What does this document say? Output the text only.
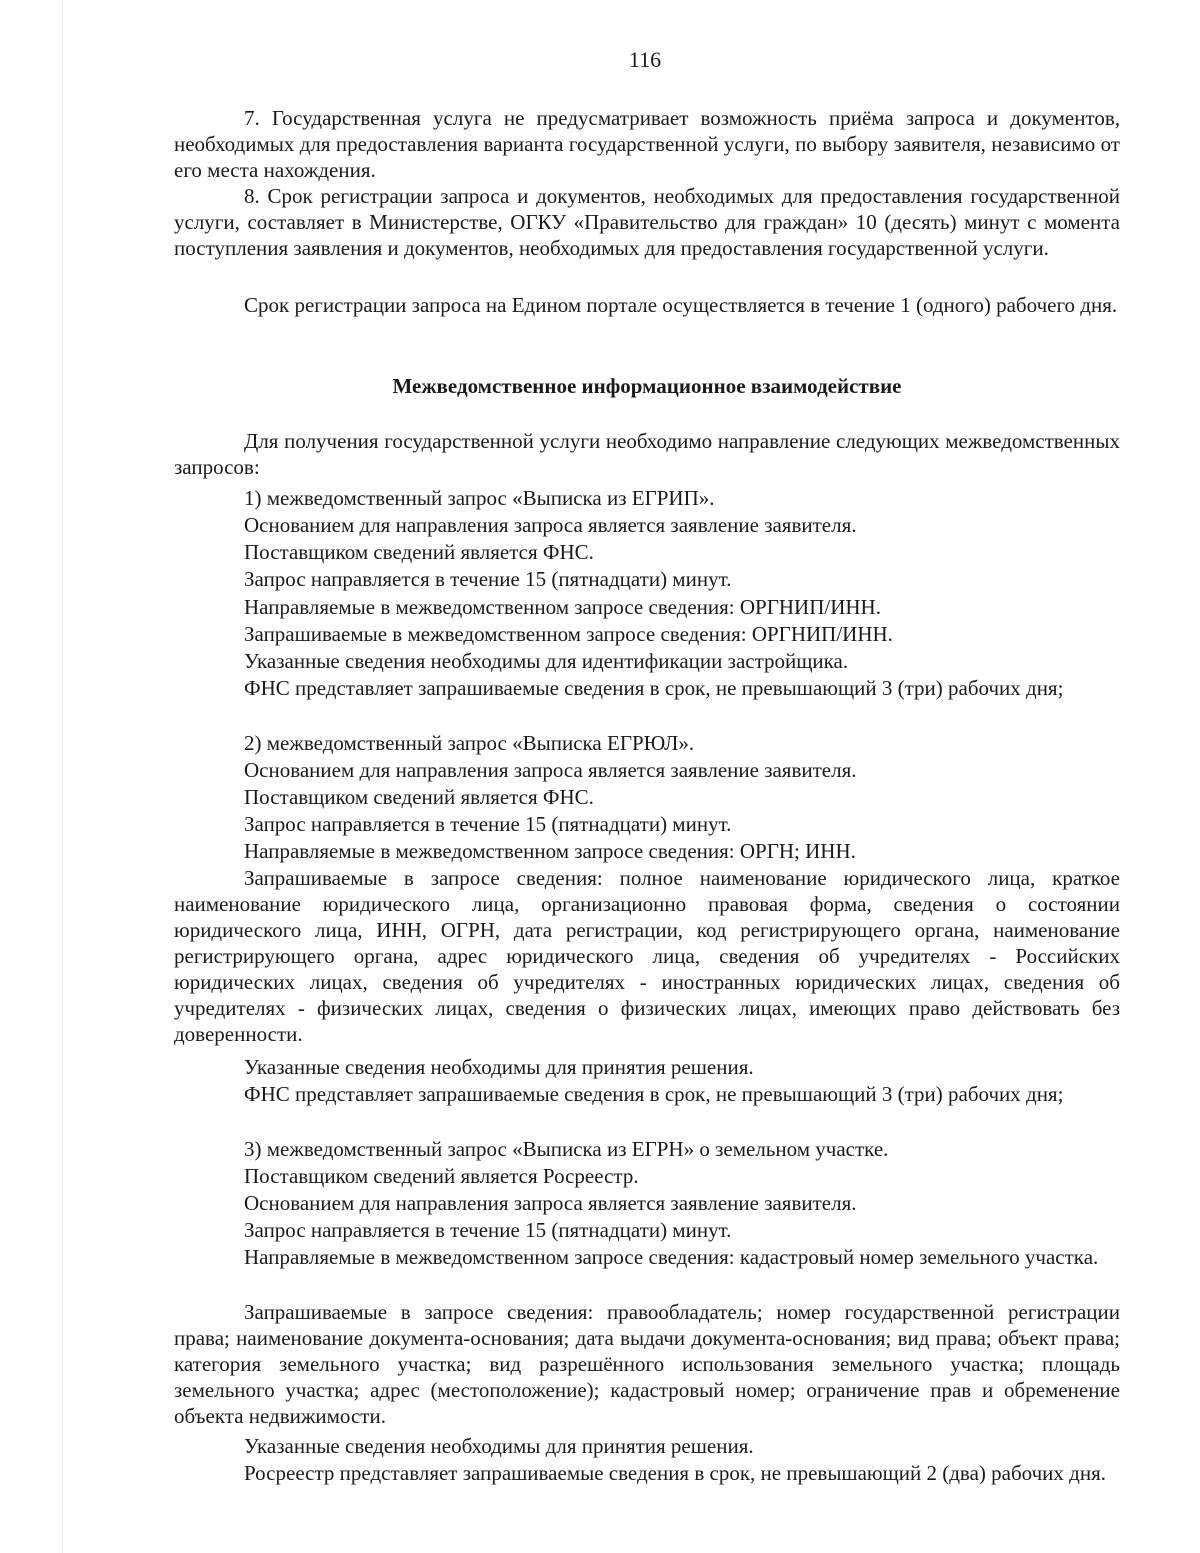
116

7. Государственная услуга не предусматривает возможность приёма запроса и документов, необходимых для предоставления варианта государственной услуги, по выбору заявителя, независимо от его места нахождения.

8. Срок регистрации запроса и документов, необходимых для предоставления государственной услуги, составляет в Министерстве, ОГКУ «Правительство для граждан» 10 (десять) минут с момента поступления заявления и документов, необходимых для предоставления государственной услуги.

Срок регистрации запроса на Едином портале осуществляется в течение 1 (одного) рабочего дня.

Межведомственное информационное взаимодействие

Для получения государственной услуги необходимо направление следующих межведомственных запросов:

1) межведомственный запрос «Выписка из ЕГРИП».

Основанием для направления запроса является заявление заявителя.

Поставщиком сведений является ФНС.

Запрос направляется в течение 15 (пятнадцати) минут.

Направляемые в межведомственном запросе сведения: ОРГНИП/ИНН.

Запрашиваемые в межведомственном запросе сведения: ОРГНИП/ИНН.

Указанные сведения необходимы для идентификации застройщика.

ФНС представляет запрашиваемые сведения в срок, не превышающий 3 (три) рабочих дня;

2) межведомственный запрос «Выписка ЕГРЮЛ».

Основанием для направления запроса является заявление заявителя.

Поставщиком сведений является ФНС.

Запрос направляется в течение 15 (пятнадцати) минут.

Направляемые в межведомственном запросе сведения: ОРГН; ИНН.

Запрашиваемые в запросе сведения: полное наименование юридического лица, краткое наименование юридического лица, организационно правовая форма, сведения о состоянии юридического лица, ИНН, ОГРН, дата регистрации, код регистрирующего органа, наименование регистрирующего органа, адрес юридического лица, сведения об учредителях - Российских юридических лицах, сведения об учредителях - иностранных юридических лицах, сведения об учредителях - физических лицах, сведения о физических лицах, имеющих право действовать без доверенности.

Указанные сведения необходимы для принятия решения.

ФНС представляет запрашиваемые сведения в срок, не превышающий 3 (три) рабочих дня;

3) межведомственный запрос «Выписка из ЕГРН» о земельном участке.

Поставщиком сведений является Росреестр.

Основанием для направления запроса является заявление заявителя.

Запрос направляется в течение 15 (пятнадцати) минут.

Направляемые в межведомственном запросе сведения: кадастровый номер земельного участка.

Запрашиваемые в запросе сведения: правообладатель; номер государственной регистрации права; наименование документа-основания; дата выдачи документа-основания; вид права; объект права; категория земельного участка; вид разрешённого использования земельного участка; площадь земельного участка; адрес (местоположение); кадастровый номер; ограничение прав и обременение объекта недвижимости.

Указанные сведения необходимы для принятия решения.

Росреестр представляет запрашиваемые сведения в срок, не превышающий 2 (два) рабочих дня.
